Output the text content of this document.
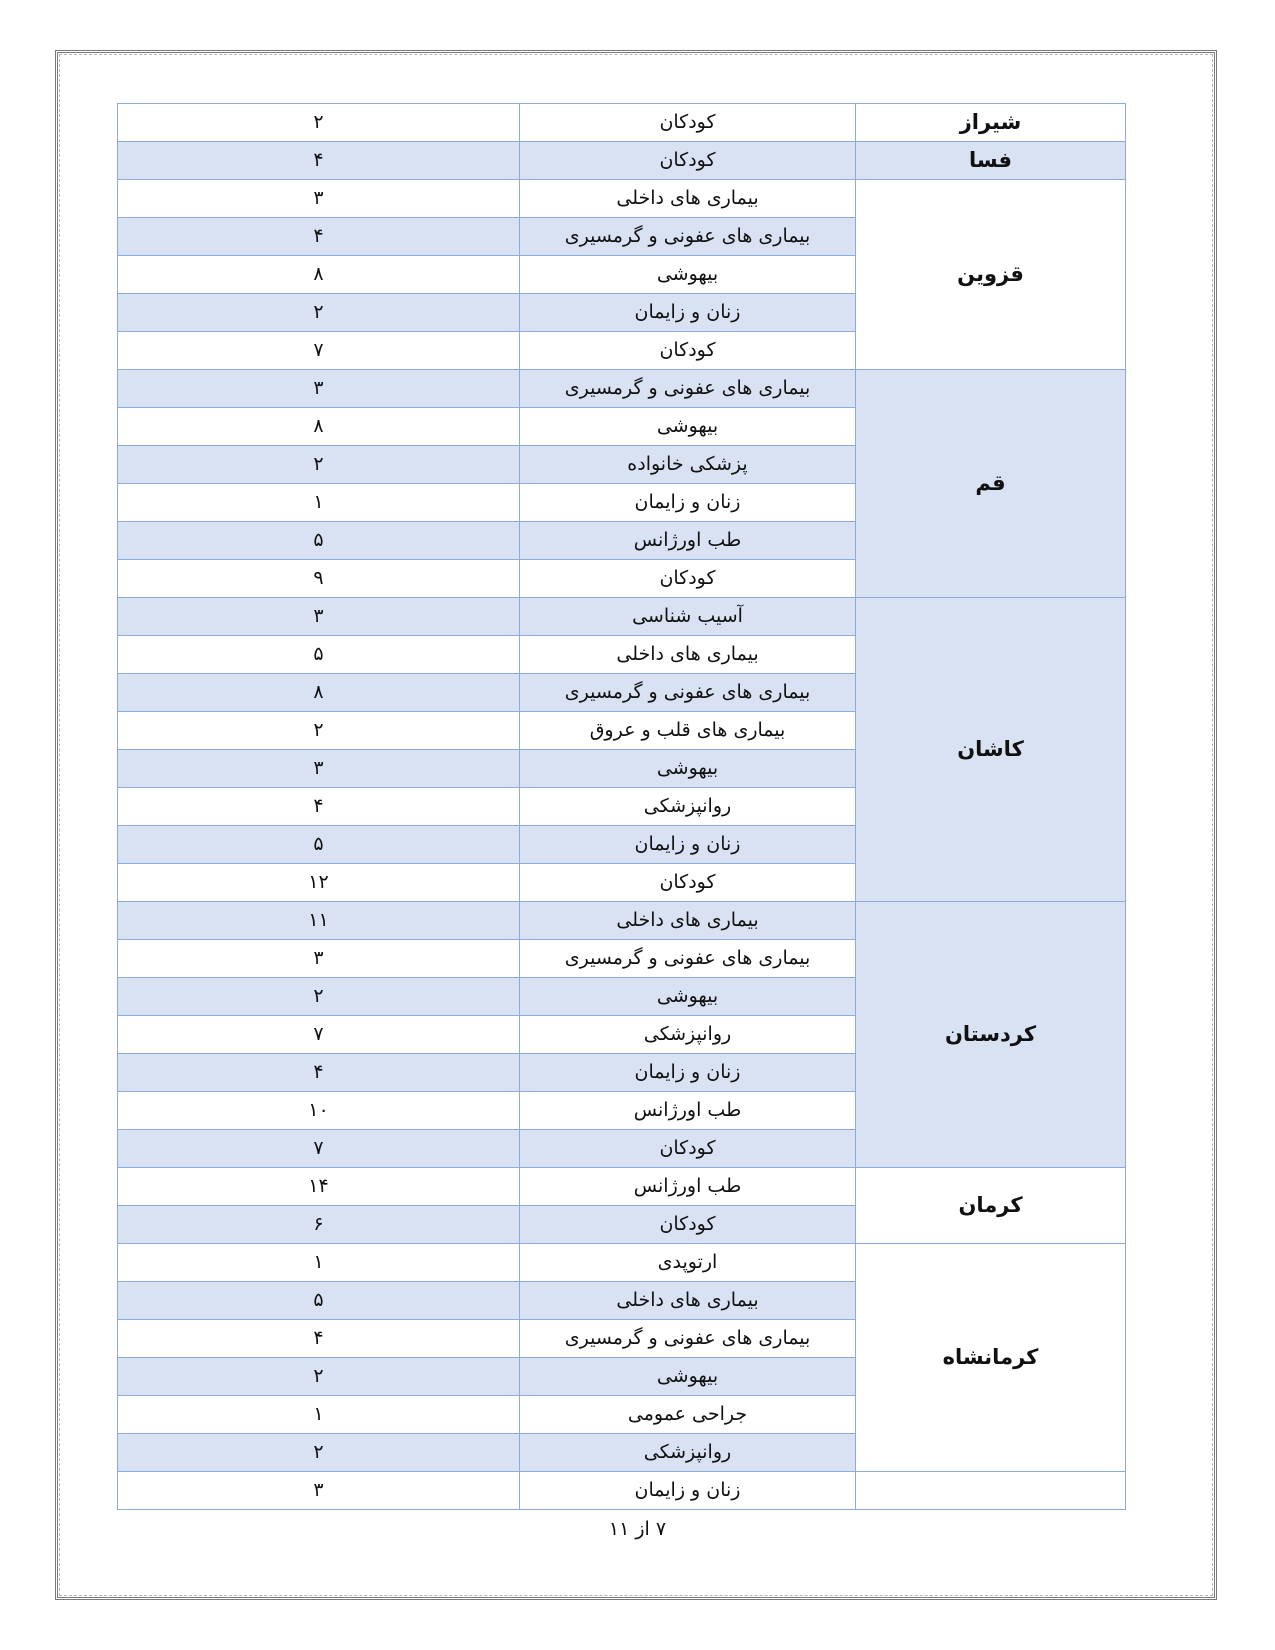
شیراز	کودکان	۲
فسا	کودکان	۴
قزوین	بیماری های داخلی	۳
	بیماری های عفونی و گرمسیری	۴
	بیهوشی	۸
	زنان و زایمان	۲
	کودکان	۷
قم	بیماری های عفونی و گرمسیری	۳
	بیهوشی	۸
	پزشکی خانواده	۲
	زنان و زایمان	۱
	طب اورژانس	۵
	کودکان	۹
کاشان	آسیب شناسی	۳
	بیماری های داخلی	۵
	بیماری های عفونی و گرمسیری	۸
	بیماری های قلب و عروق	۲
	بیهوشی	۳
	روانپزشکی	۴
	زنان و زایمان	۵
	کودکان	۱۲
کردستان	بیماری های داخلی	۱۱
	بیماری های عفونی و گرمسیری	۳
	بیهوشی	۲
	روانپزشکی	۷
	زنان و زایمان	۴
	طب اورژانس	۱۰
	کودکان	۷
کرمان	طب اورژانس	۱۴
	کودکان	۶
کرمانشاه	ارتوپدی	۱
	بیماری های داخلی	۵
	بیماری های عفونی و گرمسیری	۴
	بیهوشی	۲
	جراحی عمومی	۱
	روانپزشکی	۲
	زنان و زایمان	۳
۷ از ۱۱
